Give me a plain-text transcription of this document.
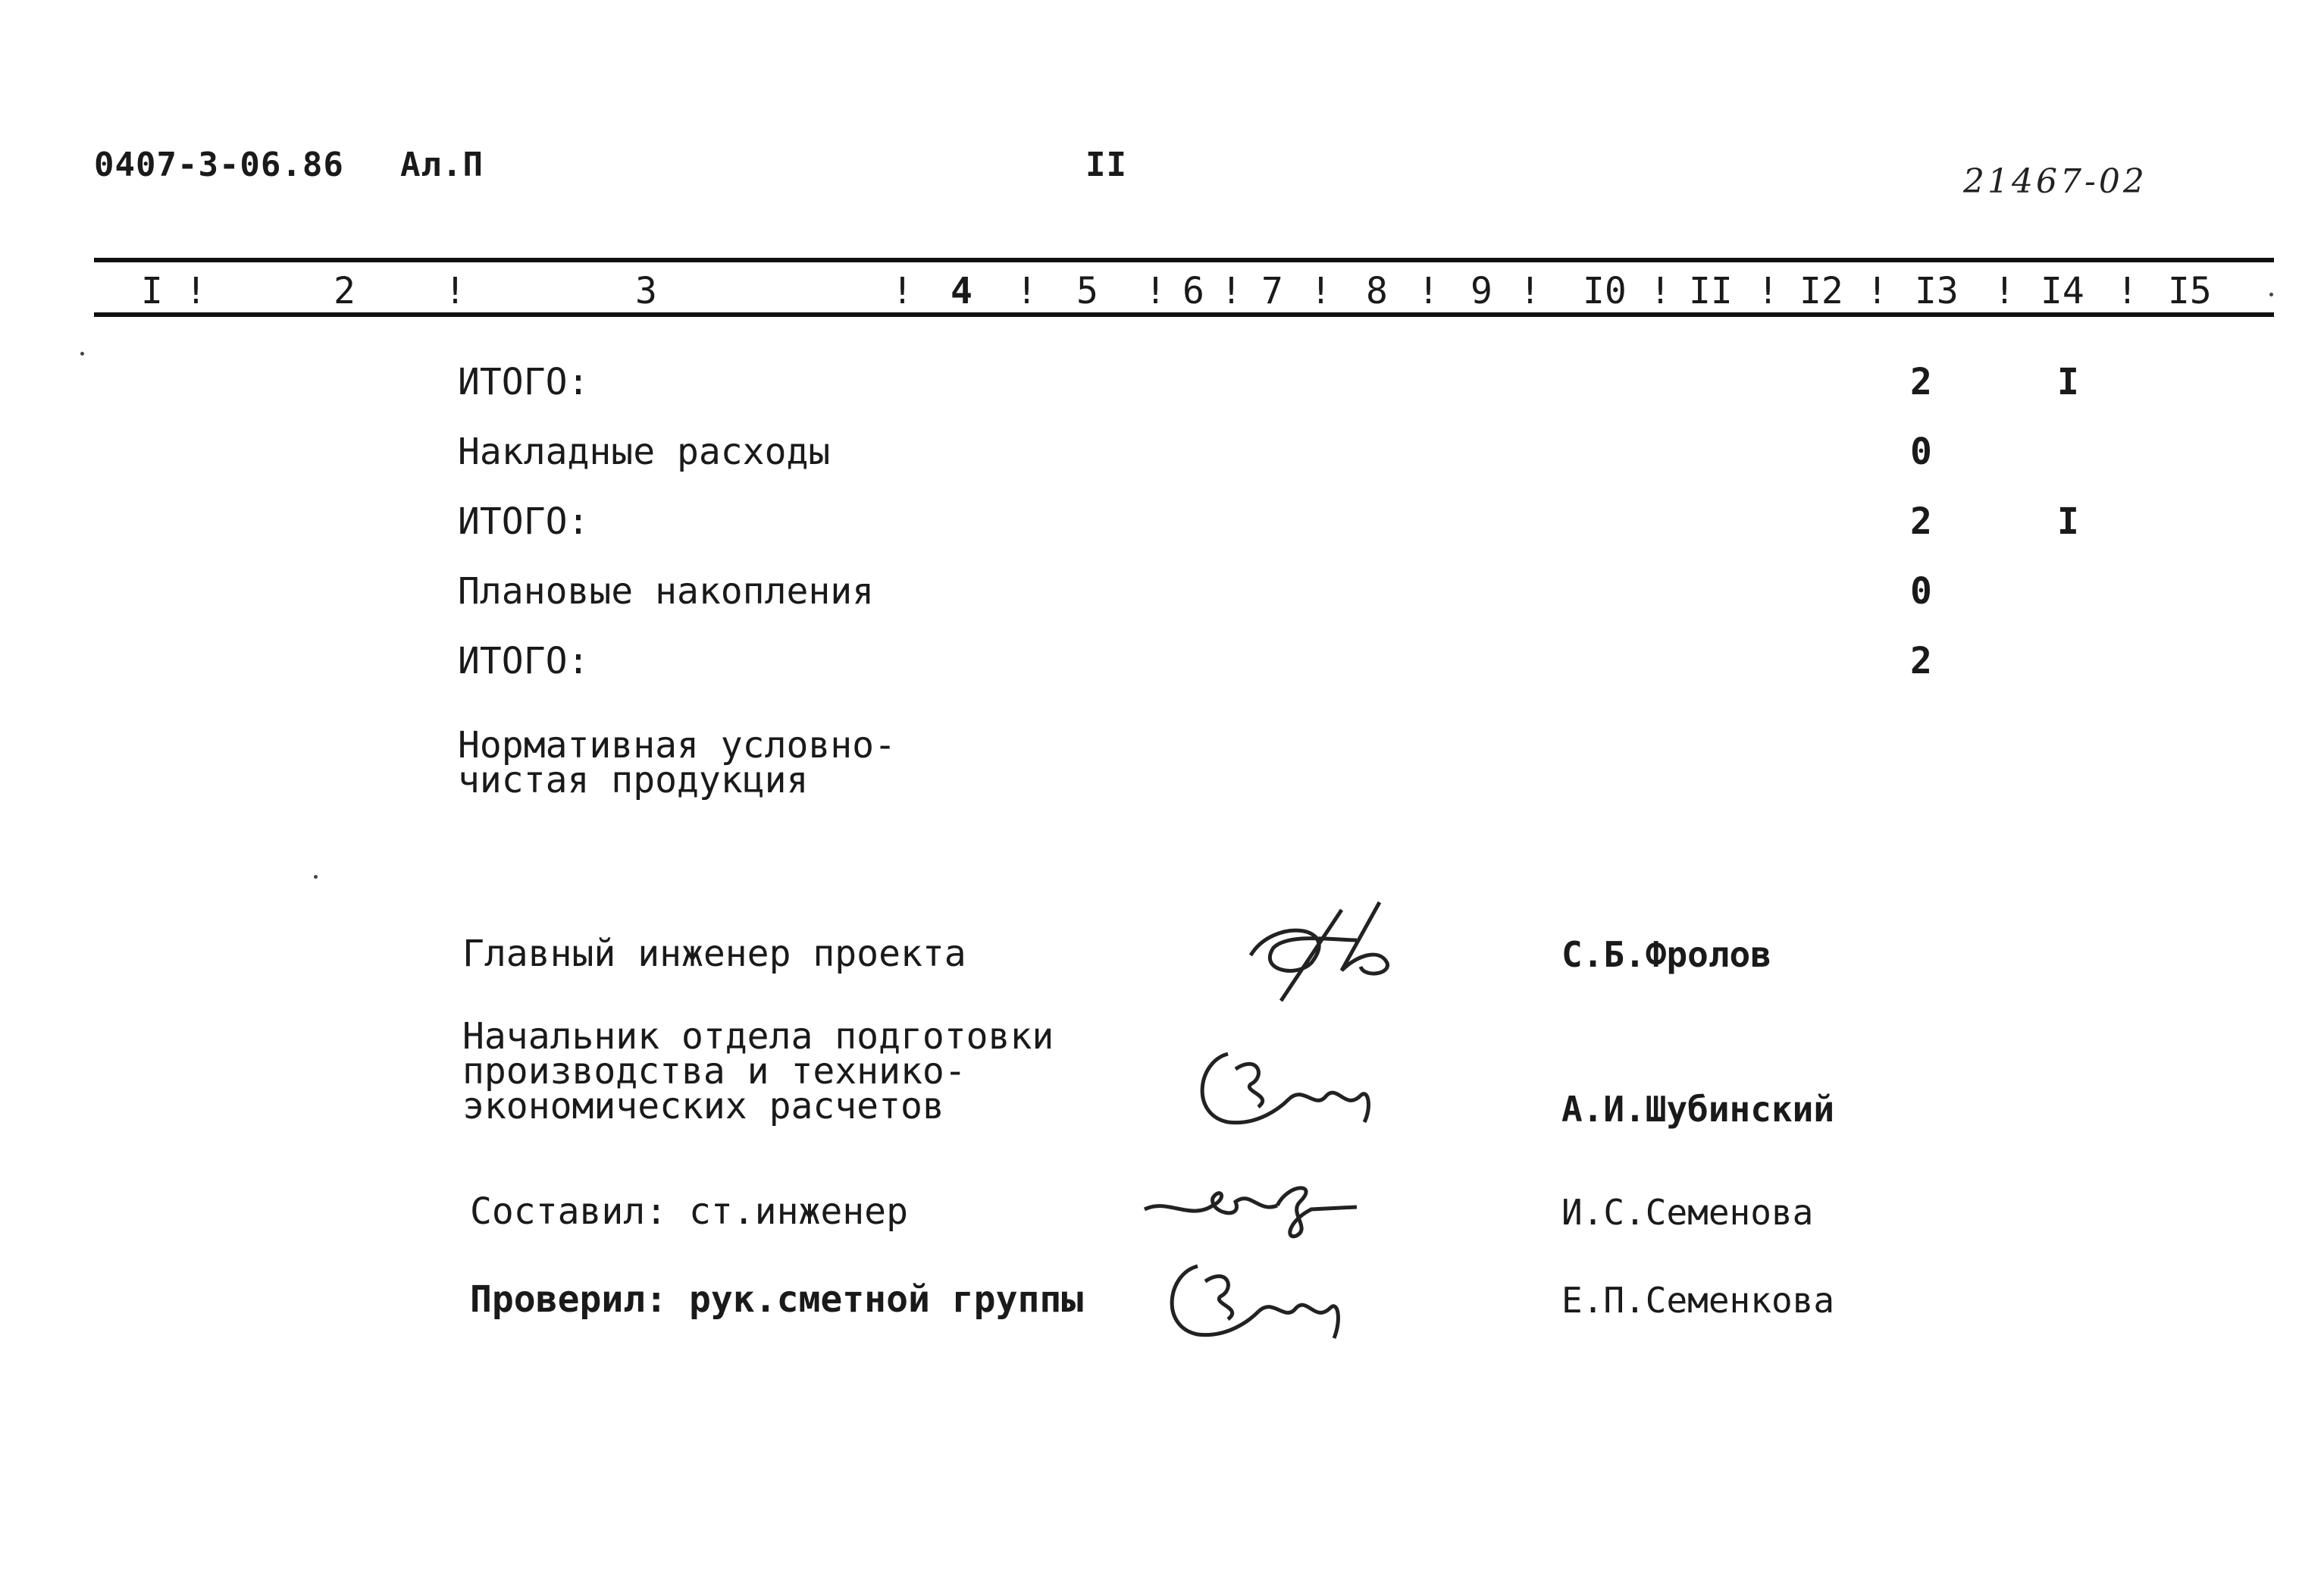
0407-3-06.86 Ал.П	II	21467-02
I !	2 !	3	! 4 ! 5 ! 6 ! 7 ! 8 ! 9 ! I0 ! II ! I2 ! I3 ! I4 ! I5
ИТОГО:	2	I
Накладные расходы	0
ИТОГО:	2	I
Плановые накопления	0
ИТОГО:	2
Нормативная условно-
чистая продукция
Главный инженер проекта	С.Б.Фролов
Начальник отдела подготовки
производства и технико-
экономических расчетов	А.И.Шубинский
Составил: ст.инженер	И.С.Семенова
Проверил: рук.сметной группы	Е.П.Семенкова
